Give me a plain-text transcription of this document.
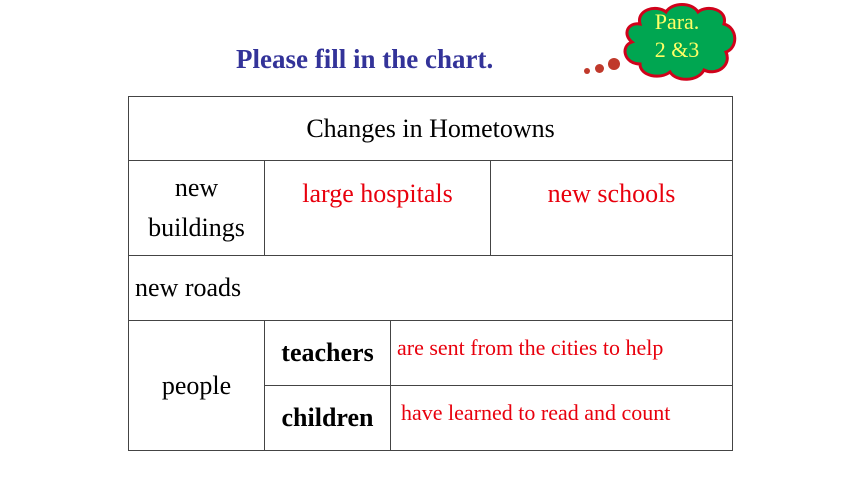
Please fill in the chart.
Para.
2 &3
Changes in Hometowns			

new
buildings	large hospitals		new schools
new roads			
people	teachers	are sent from the cities to help	
	children	have learned to read and count	
